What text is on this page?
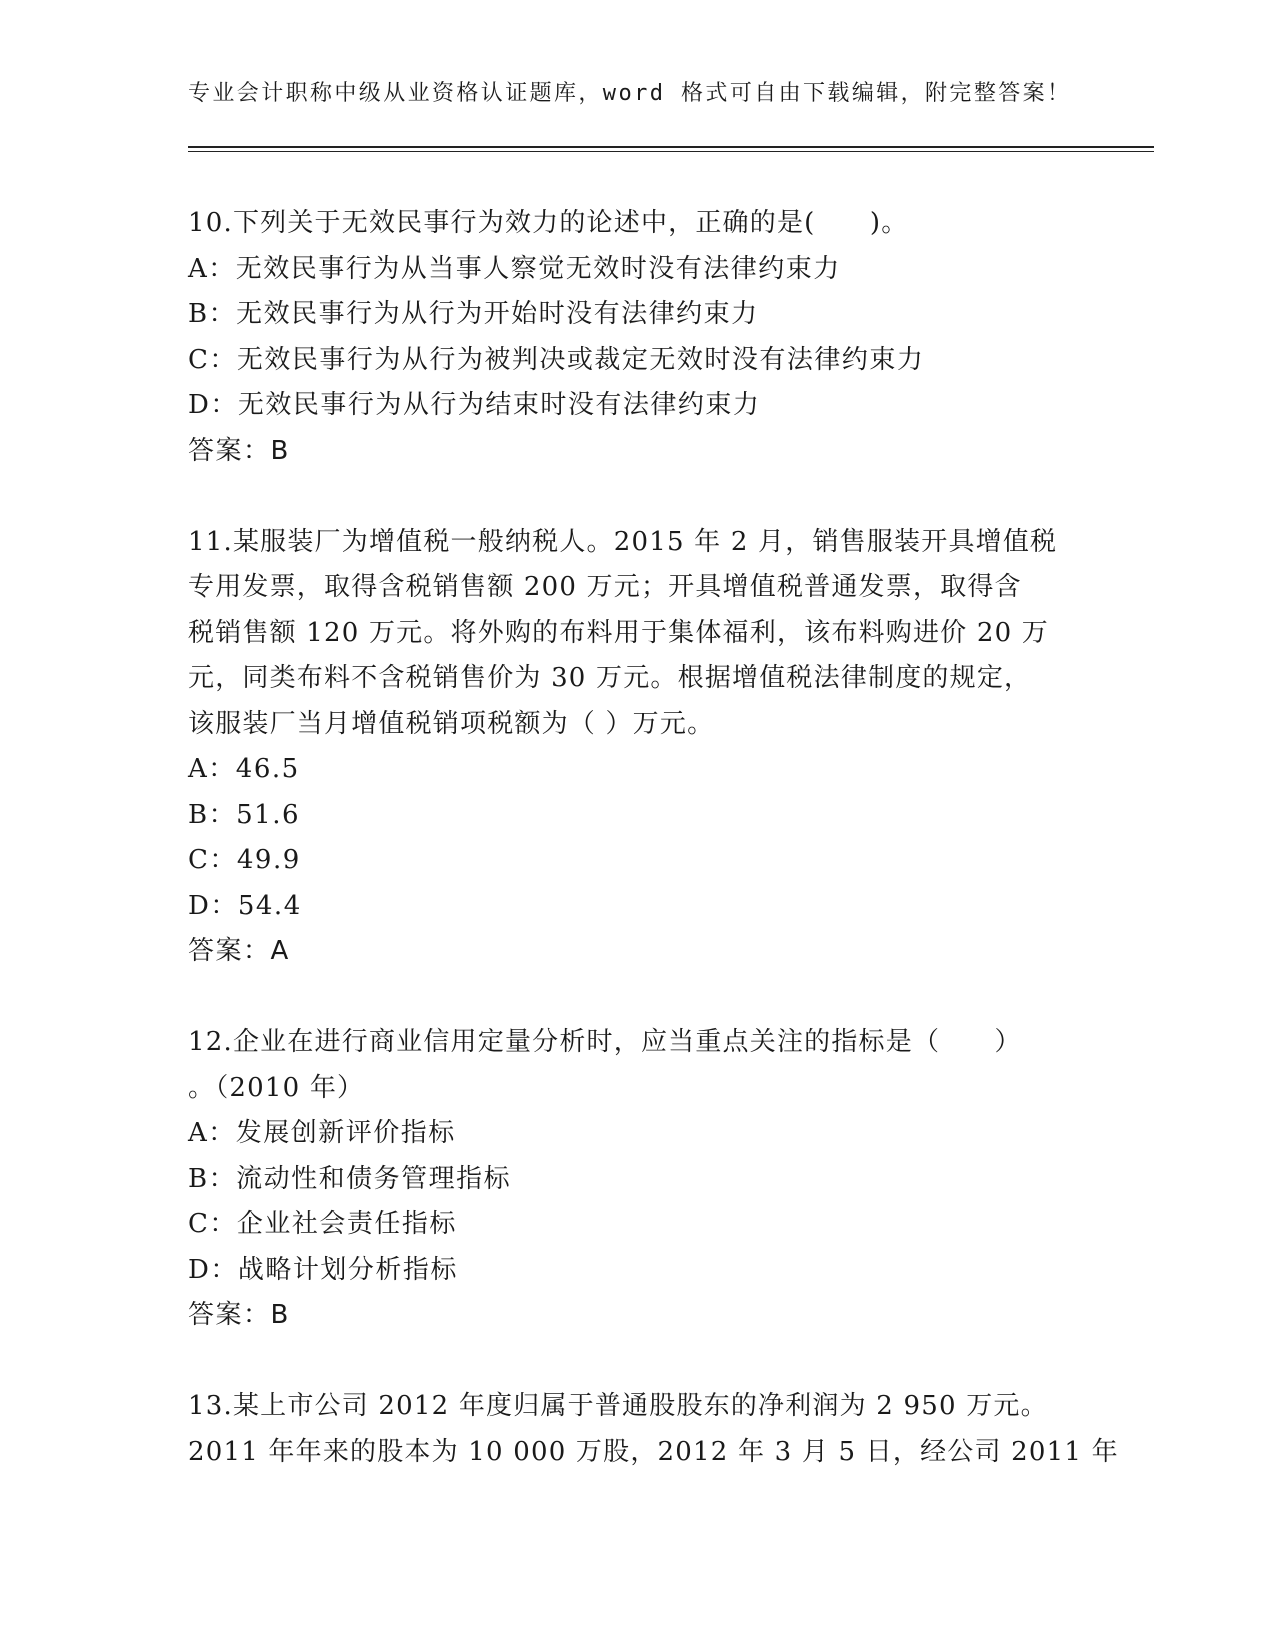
专业会计职称中级从业资格认证题库，word 格式可自由下载编辑，附完整答案！
10.下列关于无效民事行为效力的论述中，正确的是(　　)。
A：无效民事行为从当事人察觉无效时没有法律约束力
B：无效民事行为从行为开始时没有法律约束力
C：无效民事行为从行为被判决或裁定无效时没有法律约束力
D：无效民事行为从行为结束时没有法律约束力
答案：B
11.某服装厂为增值税一般纳税人。2015 年 2 月，销售服装开具增值税
专用发票，取得含税销售额 200 万元；开具增值税普通发票，取得含
税销售额 120 万元。将外购的布料用于集体福利，该布料购进价 20 万
元，同类布料不含税销售价为 30 万元。根据增值税法律制度的规定，
该服装厂当月增值税销项税额为（ ）万元。
A：46.5
B：51.6
C：49.9
D：54.4
答案：A
12.企业在进行商业信用定量分析时，应当重点关注的指标是（　　）
。（2010 年）
A：发展创新评价指标
B：流动性和债务管理指标
C：企业社会责任指标
D：战略计划分析指标
答案：B
13.某上市公司 2012 年度归属于普通股股东的净利润为 2 950 万元。
2011 年年来的股本为 10 000 万股，2012 年 3 月 5 日，经公司 2011 年
